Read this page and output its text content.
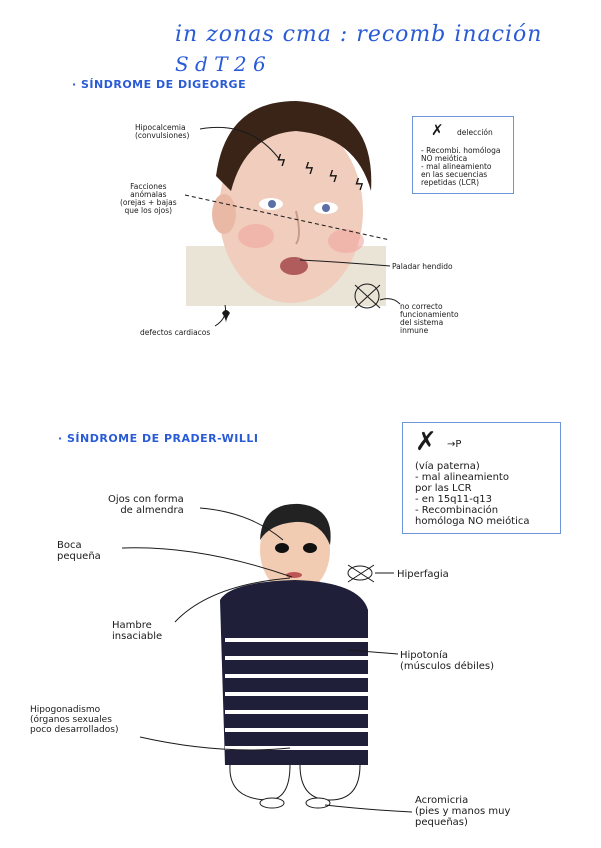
in zonas cma : recomb inación
S d T 2 6
· SÍNDROME DE DIGEORGE
ϟ ϟ ϟ ϟ
Hipocalcemia
(convulsiones)
Facciones
anómalas
(orejas + bajas
que los ojos)
Paladar hendido
defectos cardiacos
no correcto
funcionamiento
del sistema
inmune
✗ delección
- Recombi. homóloga
NO meiótica
- mal alineamiento
en las secuencias
repetidas (LCR)
· SÍNDROME DE PRADER-WILLI	✗ →P
(vía paterna)
- mal alineamiento
por las LCR
- en 15q11-q13
- Recombinación
homóloga NO meiótica
Ojos con forma
de almendra
Boca
pequeña
Hiperfagia
Hambre
insaciable
Hipotonía
(músculos débiles)
Hipogonadismo
(órganos sexuales
poco desarrollados)
Acromicria
(pies y manos muy
pequeñas)
